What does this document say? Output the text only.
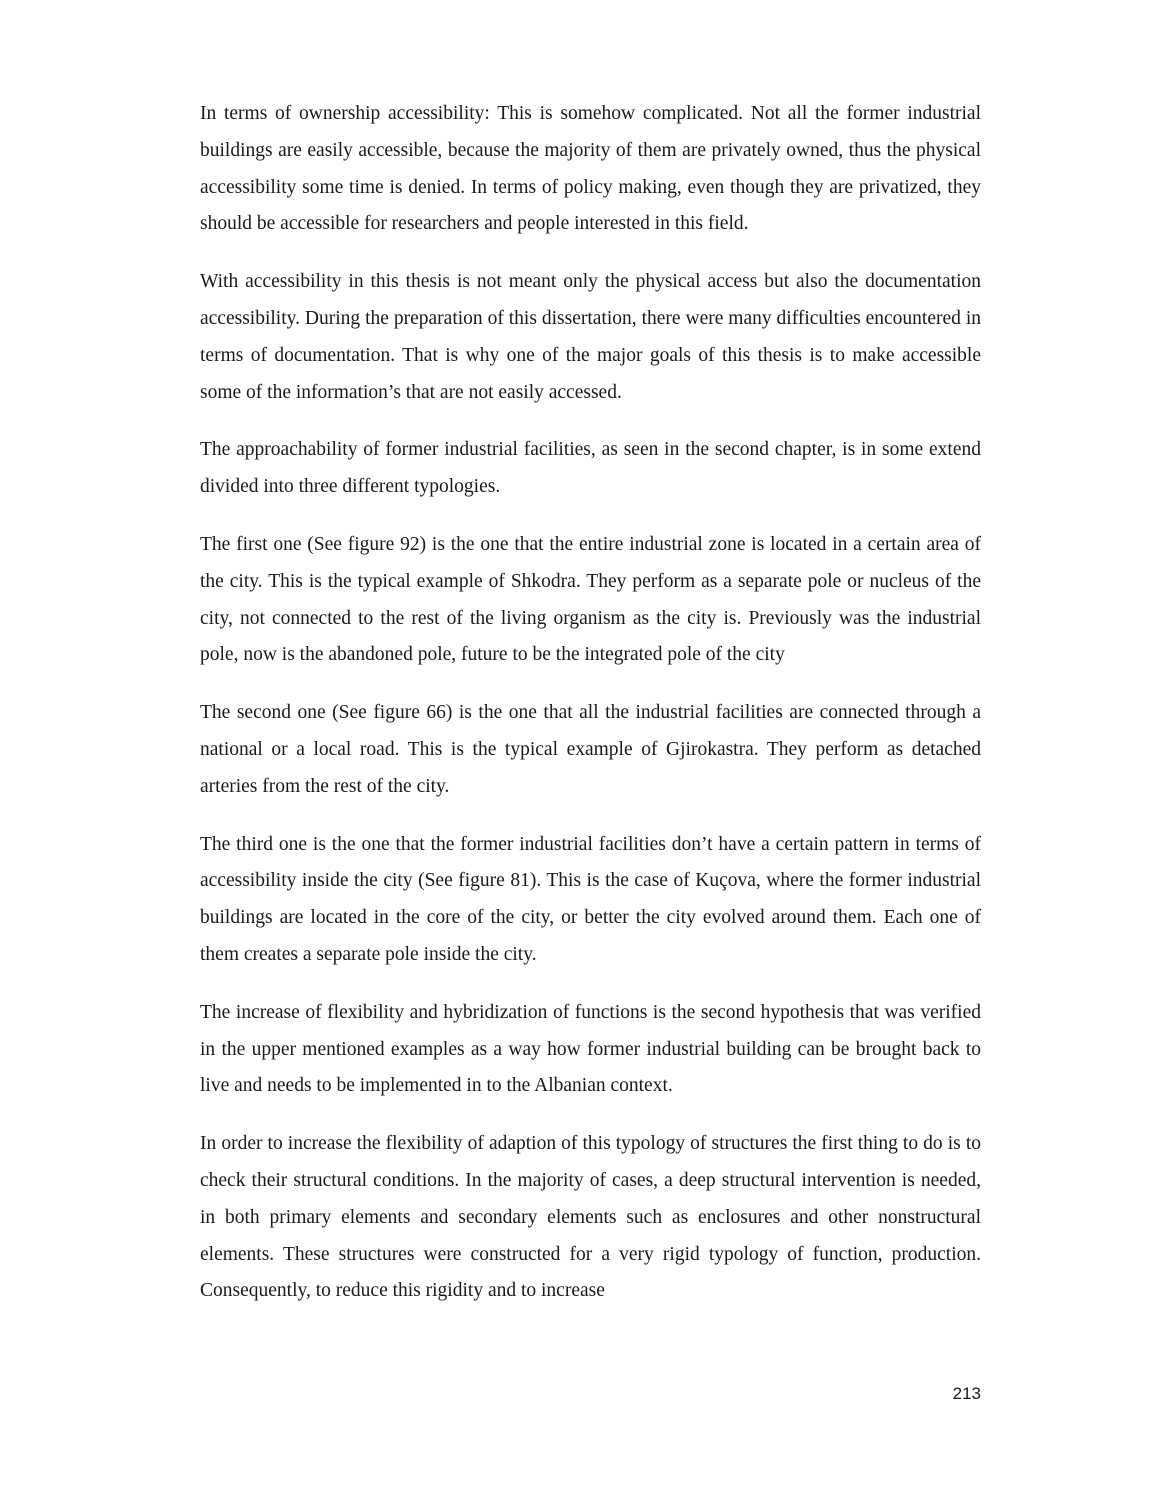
In terms of ownership accessibility: This is somehow complicated. Not all the former industrial buildings are easily accessible, because the majority of them are privately owned, thus the physical accessibility some time is denied. In terms of policy making, even though they are privatized, they should be accessible for researchers and people interested in this field.

With accessibility in this thesis is not meant only the physical access but also the documentation accessibility. During the preparation of this dissertation, there were many difficulties encountered in terms of documentation. That is why one of the major goals of this thesis is to make accessible some of the information’s that are not easily accessed.

The approachability of former industrial facilities, as seen in the second chapter, is in some extend divided into three different typologies.

The first one (See figure 92) is the one that the entire industrial zone is located in a certain area of the city. This is the typical example of Shkodra. They perform as a separate pole or nucleus of the city, not connected to the rest of the living organism as the city is. Previously was the industrial pole, now is the abandoned pole, future to be the integrated pole of the city

The second one (See figure 66) is the one that all the industrial facilities are connected through a national or a local road. This is the typical example of Gjirokastra. They perform as detached arteries from the rest of the city.

The third one is the one that the former industrial facilities don’t have a certain pattern in terms of accessibility inside the city (See figure 81). This is the case of Kuçova, where the former industrial buildings are located in the core of the city, or better the city evolved around them. Each one of them creates a separate pole inside the city.

The increase of flexibility and hybridization of functions is the second hypothesis that was verified in the upper mentioned examples as a way how former industrial building can be brought back to live and needs to be implemented in to the Albanian context.

In order to increase the flexibility of adaption of this typology of structures the first thing to do is to check their structural conditions. In the majority of cases, a deep structural intervention is needed, in both primary elements and secondary elements such as enclosures and other nonstructural elements. These structures were constructed for a very rigid typology of function, production. Consequently, to reduce this rigidity and to increase

213
